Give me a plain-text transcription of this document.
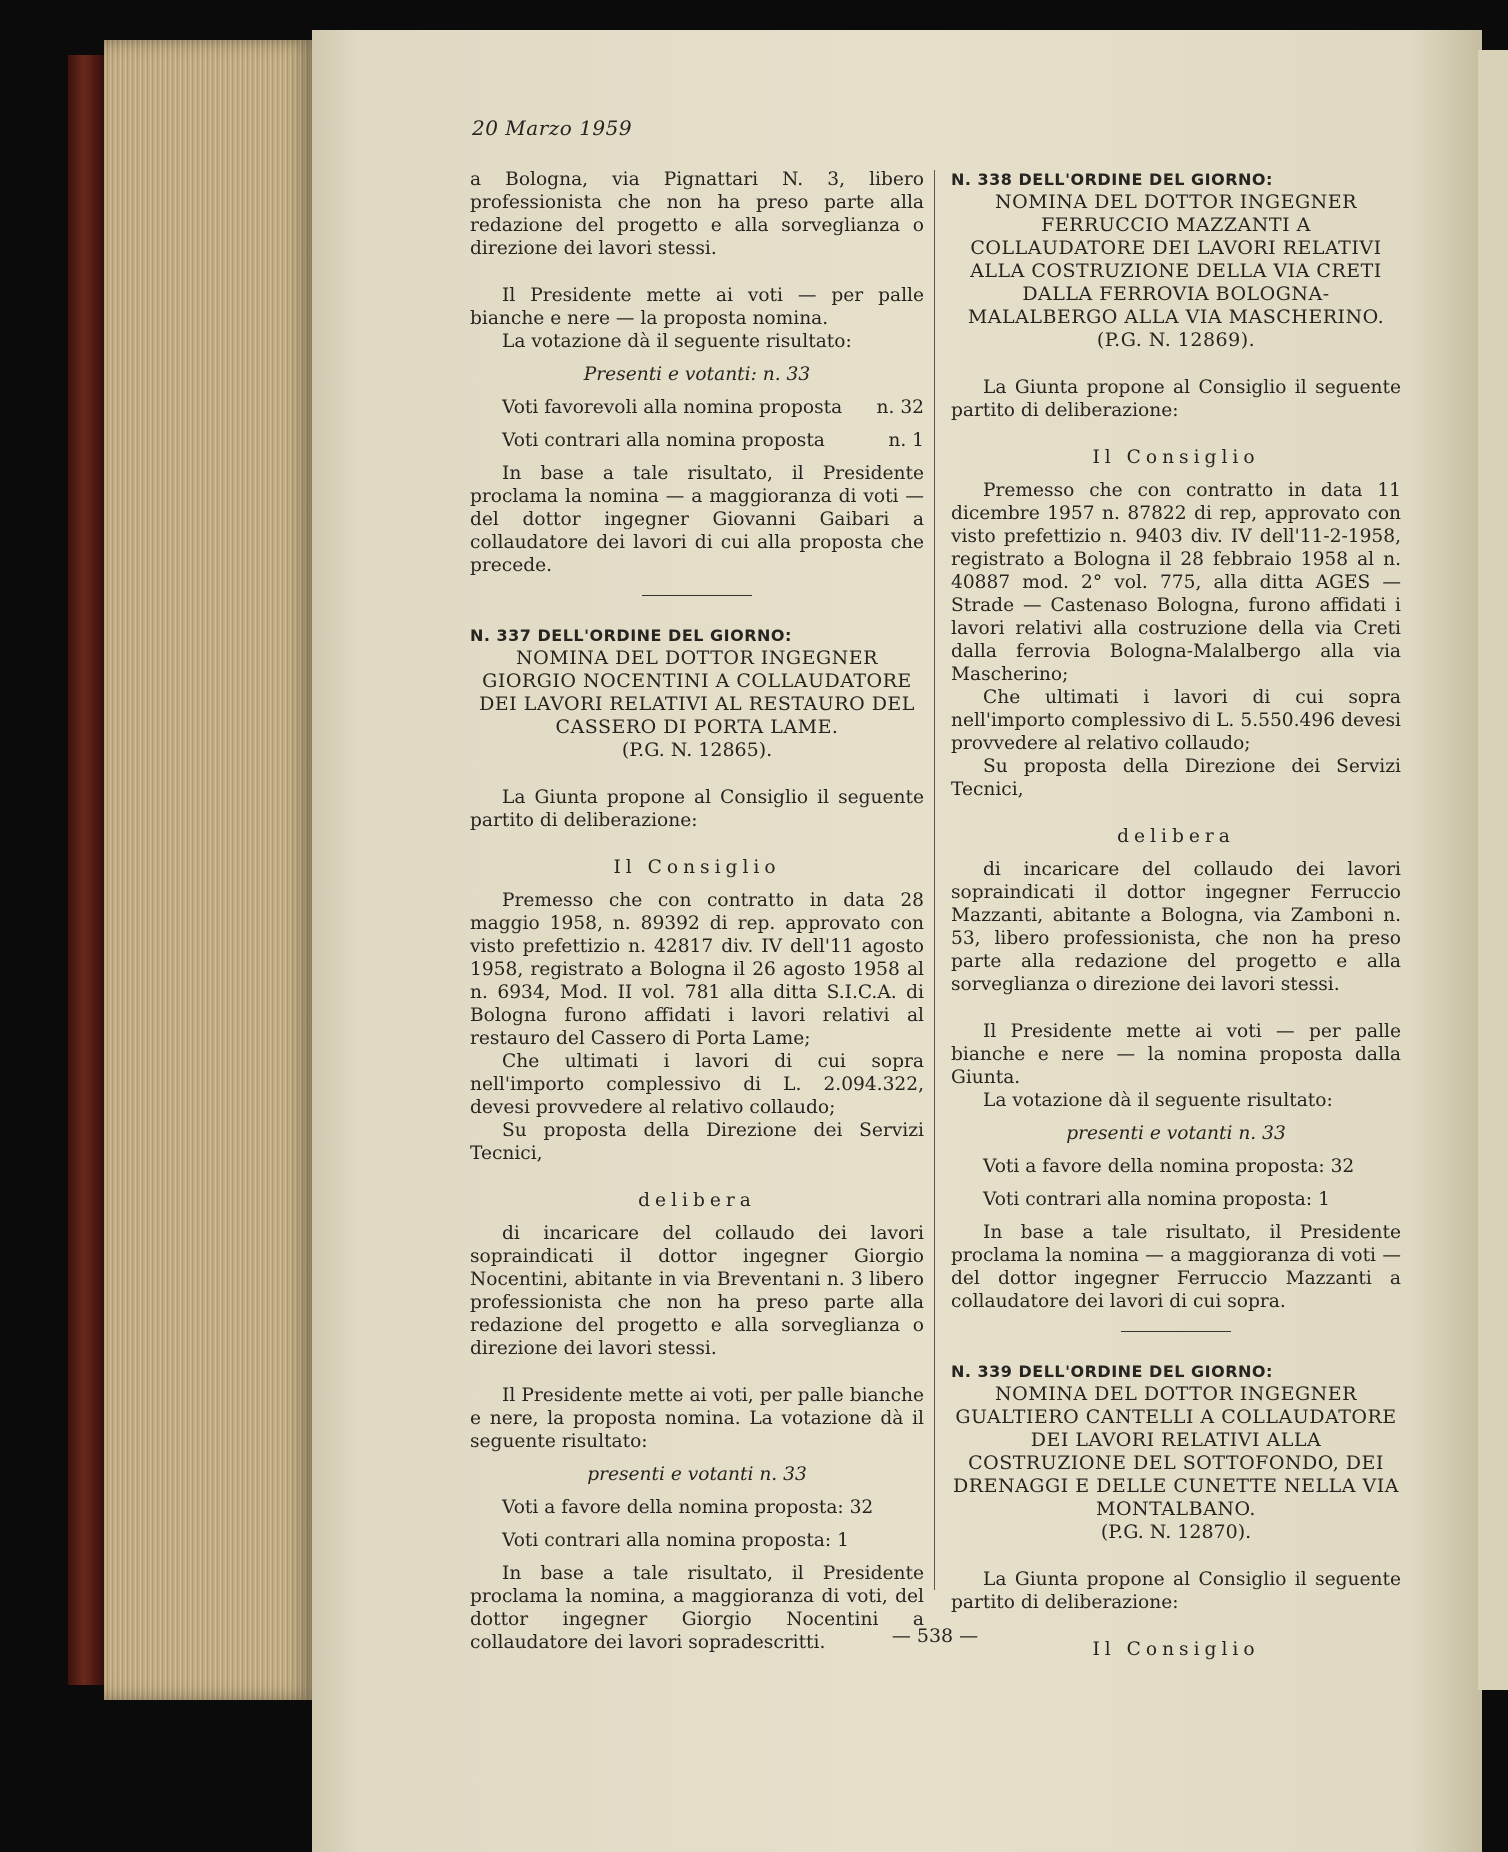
20 Marzo 1959

a Bologna, via Pignattari N. 3, libero professionista che non ha preso parte alla redazione del progetto e alla sorveglianza o direzione dei lavori stessi.

Il Presidente mette ai voti — per palle bianche e nere — la proposta nomina.

La votazione dà il seguente risultato:

Presenti e votanti: n. 33

Voti favorevoli alla nomina proposta n. 32
Voti contrari alla nomina proposta	n. 1

In base a tale risultato, il Presidente proclama la nomina — a maggioranza di voti — del dottor ingegner Giovanni Gaibari a collaudatore dei lavori di cui alla proposta che precede.

N. 337 DELL'ORDINE DEL GIORNO:

NOMINA DEL DOTTOR INGEGNER GIORGIO NOCENTINI A COLLAUDATORE DEI LAVORI RELATIVI AL RESTAURO DEL CASSERO DI PORTA LAME.

(P.G. N. 12865).

La Giunta propone al Consiglio il seguente partito di deliberazione:

Il Consiglio

Premesso che con contratto in data 28 maggio 1958, n. 89392 di rep. approvato con visto prefettizio n. 42817 div. IV dell'11 agosto 1958, registrato a Bologna il 26 agosto 1958 al n. 6934, Mod. II vol. 781 alla ditta S.I.C.A. di Bologna furono affidati i lavori relativi al restauro del Cassero di Porta Lame;

Che ultimati i lavori di cui sopra nell'importo complessivo di L. 2.094.322, devesi provvedere al relativo collaudo;

Su proposta della Direzione dei Servizi Tecnici,

delibera

di incaricare del collaudo dei lavori sopraindicati il dottor ingegner Giorgio Nocentini, abitante in via Breventani n. 3 libero professionista che non ha preso parte alla redazione del progetto e alla sorveglianza o direzione dei lavori stessi.

Il Presidente mette ai voti, per palle bianche e nere, la proposta nomina. La votazione dà il seguente risultato:

presenti e votanti n. 33

Voti a favore della nomina proposta: 32

Voti contrari alla nomina proposta: 1

In base a tale risultato, il Presidente proclama la nomina, a maggioranza di voti, del dottor ingegner Giorgio Nocentini a collaudatore dei lavori sopradescritti.

N. 338 DELL'ORDINE DEL GIORNO:

NOMINA DEL DOTTOR INGEGNER FERRUCCIO MAZZANTI A COLLAUDATORE DEI LAVORI RELATIVI ALLA COSTRUZIONE DELLA VIA CRETI DALLA FERROVIA BOLOGNA-MALALBERGO ALLA VIA MASCHERINO. (P.G. N. 12869).

La Giunta propone al Consiglio il seguente partito di deliberazione:

Il Consiglio

Premesso che con contratto in data 11 dicembre 1957 n. 87822 di rep, approvato con visto prefettizio n. 9403 div. IV dell'11-2-1958, registrato a Bologna il 28 febbraio 1958 al n. 40887 mod. 2° vol. 775, alla ditta AGES — Strade — Castenaso Bologna, furono affidati i lavori relativi alla costruzione della via Creti dalla ferrovia Bologna-Malalbergo alla via Mascherino;

Che ultimati i lavori di cui sopra nell'importo complessivo di L. 5.550.496 devesi provvedere al relativo collaudo;

Su proposta della Direzione dei Servizi Tecnici,

delibera

di incaricare del collaudo dei lavori sopraindicati il dottor ingegner Ferruccio Mazzanti, abitante a Bologna, via Zamboni n. 53, libero professionista, che non ha preso parte alla redazione del progetto e alla sorveglianza o direzione dei lavori stessi.

Il Presidente mette ai voti — per palle bianche e nere — la nomina proposta dalla Giunta.

La votazione dà il seguente risultato:

presenti e votanti n. 33

Voti a favore della nomina proposta: 32

Voti contrari alla nomina proposta: 1

In base a tale risultato, il Presidente proclama la nomina — a maggioranza di voti — del dottor ingegner Ferruccio Mazzanti a collaudatore dei lavori di cui sopra.

N. 339 DELL'ORDINE DEL GIORNO:

NOMINA DEL DOTTOR INGEGNER GUALTIERO CANTELLI A COLLAUDATORE DEI LAVORI RELATIVI ALLA COSTRUZIONE DEL SOTTOFONDO, DEI DRENAGGI E DELLE CUNETTE NELLA VIA MONTALBANO.

(P.G. N. 12870).

La Giunta propone al Consiglio il seguente partito di deliberazione:

Il Consiglio

— 538 —
